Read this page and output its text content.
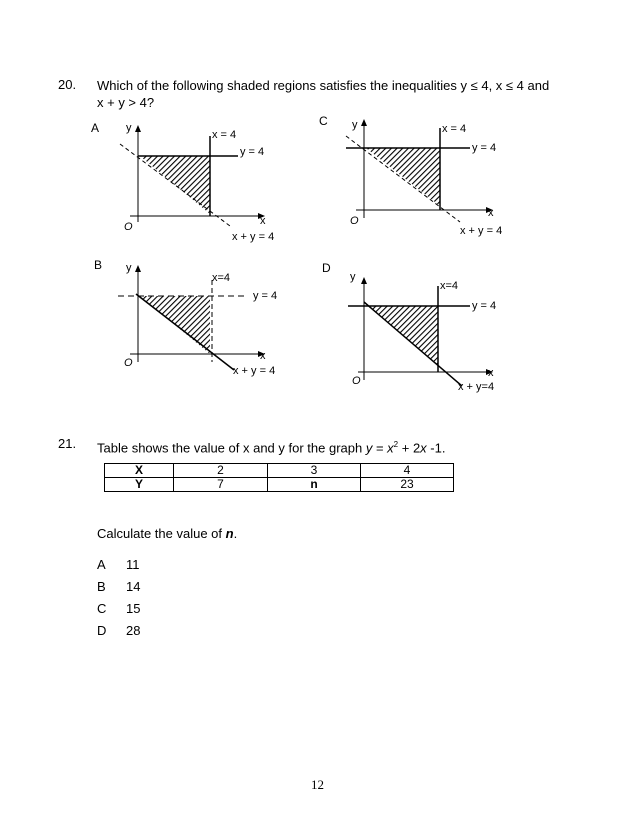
20. Which of the following shaded regions satisfies the inequalities y ≤ 4, x ≤ 4 and
x + y > 4?
A y
x
O
x = 4
y = 4
x + y = 4
C y
x
O
x = 4
y = 4
x + y = 4
B y
x
O
x=4
y = 4
x + y = 4
D
y
x
O
x=4
y = 4
x + y=4
21. Table shows the value of x and y for the graph $y = x^2 + 2x$ -1.
X	2	3	4
Y	7	n	23
Calculate the value of n.
A 11
B 14
C 15
D 28
12
